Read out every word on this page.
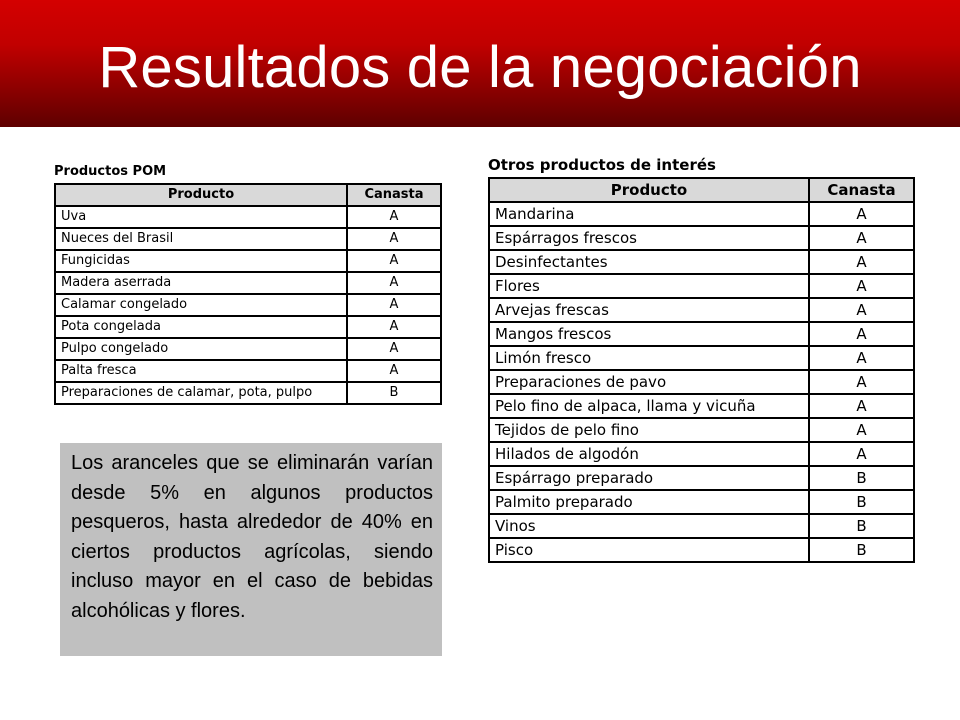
Resultados de la negociación
Productos POM
Producto	Canasta
Uva	A
Nueces del Brasil	A
Fungicidas	A
Madera aserrada	A
Calamar congelado	A
Pota congelada	A
Pulpo congelado	A
Palta fresca	A
Preparaciones de calamar, pota, pulpo	B
Otros productos de interés
Producto	Canasta
Mandarina	A
Espárragos frescos	A
Desinfectantes	A
Flores	A
Arvejas frescas	A
Mangos frescos	A
Limón fresco	A
Preparaciones de pavo	A
Pelo fino de alpaca, llama y vicuña	A
Tejidos de pelo fino	A
Hilados de algodón	A
Espárrago preparado	B
Palmito preparado	B
Vinos	B
Pisco	B
Los aranceles que se eliminarán varían desde 5% en algunos productos pesqueros, hasta alrededor de 40% en ciertos productos agrícolas, siendo incluso mayor en el caso de bebidas alcohólicas y flores.
